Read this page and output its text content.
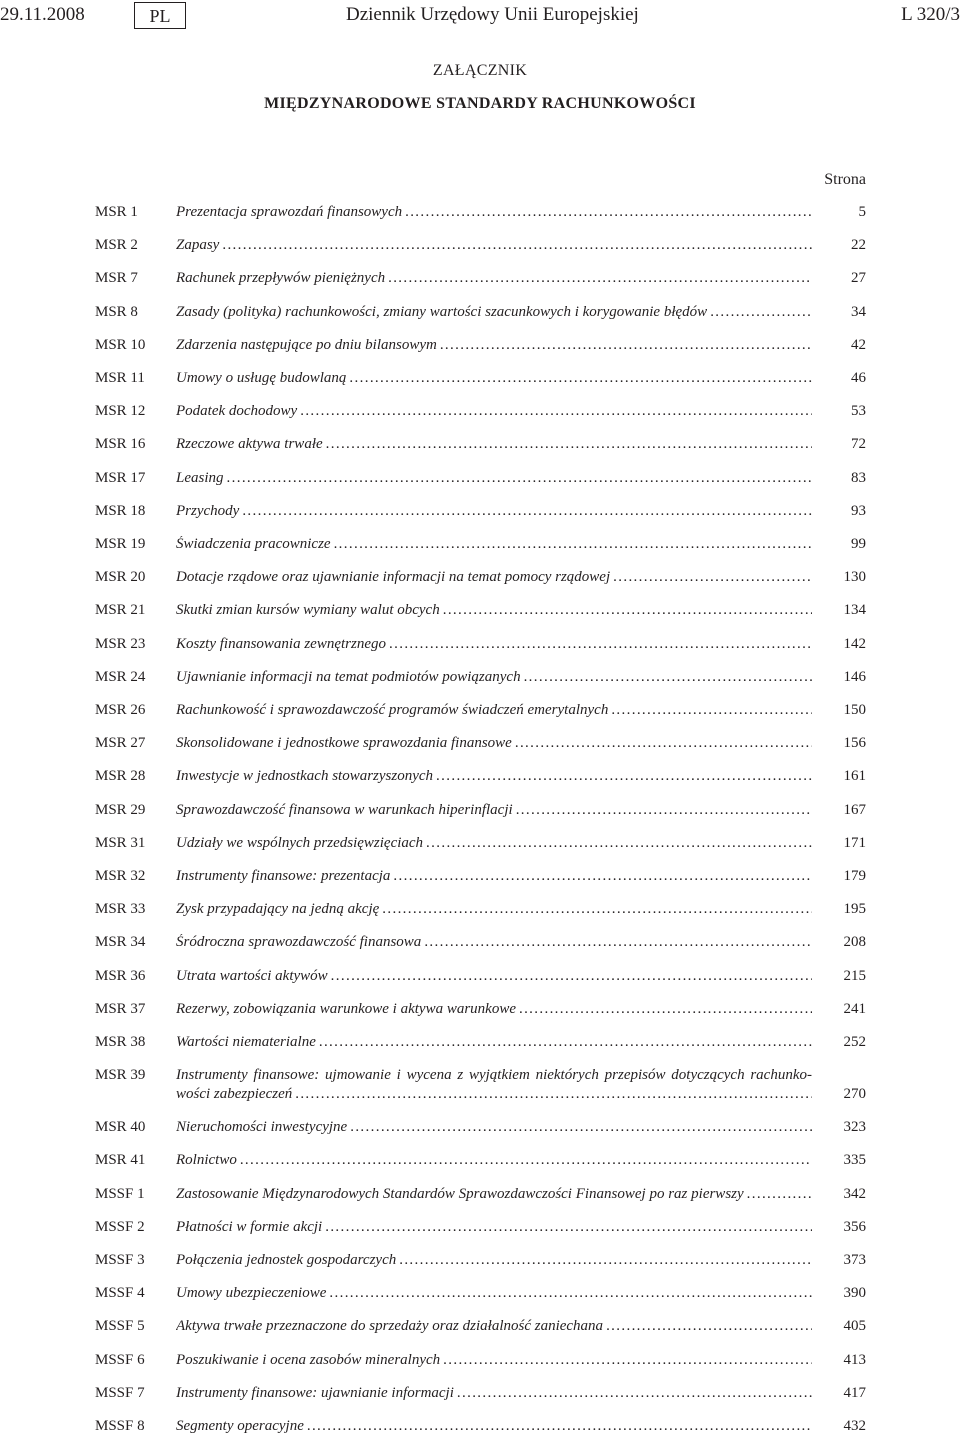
29.11.2008	PL	Dziennik Urzędowy Unii Europejskiej	L 320/3
ZAŁĄCZNIK
MIĘDZYNARODOWE STANDARDY RACHUNKOWOŚCI
Strona
MSR 1	Prezentacja sprawozdań finansowych . . .	5
MSR 2	Zapasy . . .	22
MSR 7	Rachunek przepływów pieniężnych . . .	27
MSR 8	Zasady (polityka) rachunkowości, zmiany wartości szacunkowych i korygowanie błędów . . .	34
MSR 10 Zdarzenia następujące po dniu bilansowym . . .	42
MSR 11 Umowy o usługę budowlaną . . .	46
MSR 12 Podatek dochodowy . . .	53
MSR 16 Rzeczowe aktywa trwałe . . .	72
MSR 17 Leasing . . .	83
MSR 18 Przychody . . .	93
MSR 19 Świadczenia pracownicze . . .	99
MSR 20 Dotacje rządowe oraz ujawnianie informacji na temat pomocy rządowej . . .	130
MSR 21 Skutki zmian kursów wymiany walut obcych . . .	134
MSR 23 Koszty finansowania zewnętrznego . . .	142
MSR 24 Ujawnianie informacji na temat podmiotów powiązanych . . .	146
MSR 26 Rachunkowość i sprawozdawczość programów świadczeń emerytalnych . . .	150
MSR 27 Skonsolidowane i jednostkowe sprawozdania finansowe . . .	156
MSR 28 Inwestycje w jednostkach stowarzyszonych . . .	161
MSR 29 Sprawozdawczość finansowa w warunkach hiperinflacji . . .	167
MSR 31 Udziały we wspólnych przedsięwzięciach . . .	171
MSR 32 Instrumenty finansowe: prezentacja . . .	179
MSR 33 Zysk przypadający na jedną akcję . . .	195
MSR 34 Śródroczna sprawozdawczość finansowa . . .	208
MSR 36 Utrata wartości aktywów . . .	215
MSR 37 Rezerwy, zobowiązania warunkowe i aktywa warunkowe . . .	241
MSR 38 Wartości niematerialne . . .	252
MSR 39 Instrumenty finansowe: ujmowanie i wycena z wyjątkiem niektórych przepisów dotyczących rachunko-
wości zabezpieczeń . . .	270
MSR 40 Nieruchomości inwestycyjne . . .	323
MSR 41 Rolnictwo . . .	335
MSSF 1 Zastosowanie Międzynarodowych Standardów Sprawozdawczości Finansowej po raz pierwszy . . .	342
MSSF 2 Płatności w formie akcji . . .	356
MSSF 3 Połączenia jednostek gospodarczych . . .	373
MSSF 4 Umowy ubezpieczeniowe . . .	390
MSSF 5 Aktywa trwałe przeznaczone do sprzedaży oraz działalność zaniechana . . .	405
MSSF 6 Poszukiwanie i ocena zasobów mineralnych . . .	413
MSSF 7 Instrumenty finansowe: ujawnianie informacji . . .	417
MSSF 8 Segmenty operacyjne . . .	432
